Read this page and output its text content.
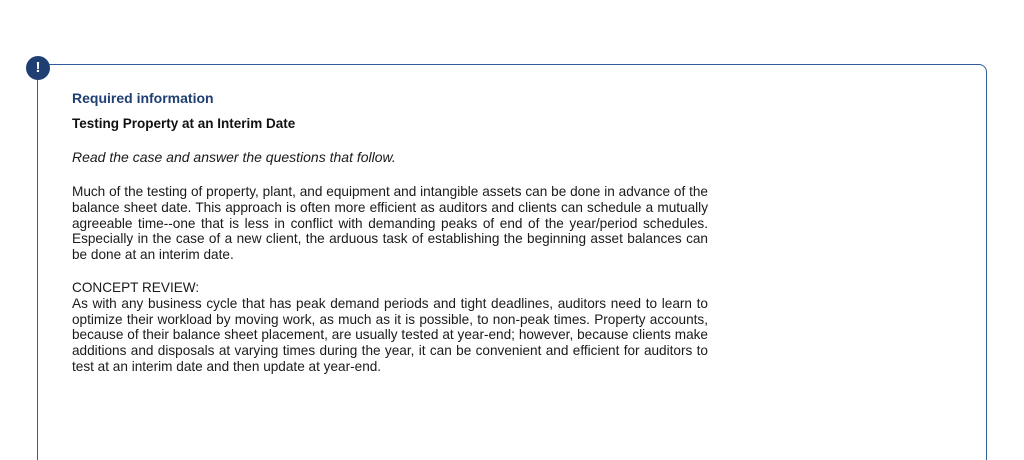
!
Required information
Testing Property at an Interim Date
Read the case and answer the questions that follow.

Much of the testing of property, plant, and equipment and intangible assets can be done in advance of the balance sheet date. This approach is often more efficient as auditors and clients can schedule a mutually agreeable time--one that is less in conflict with demanding peaks of end of the year/period schedules. Especially in the case of a new client, the arduous task of establishing the beginning asset balances can be done at an interim date.

CONCEPT REVIEW:

As with any business cycle that has peak demand periods and tight deadlines, auditors need to learn to optimize their workload by moving work, as much as it is possible, to non-peak times. Property accounts, because of their balance sheet placement, are usually tested at year-end; however, because clients make additions and disposals at varying times during the year, it can be convenient and efficient for auditors to test at an interim date and then update at year-end.
